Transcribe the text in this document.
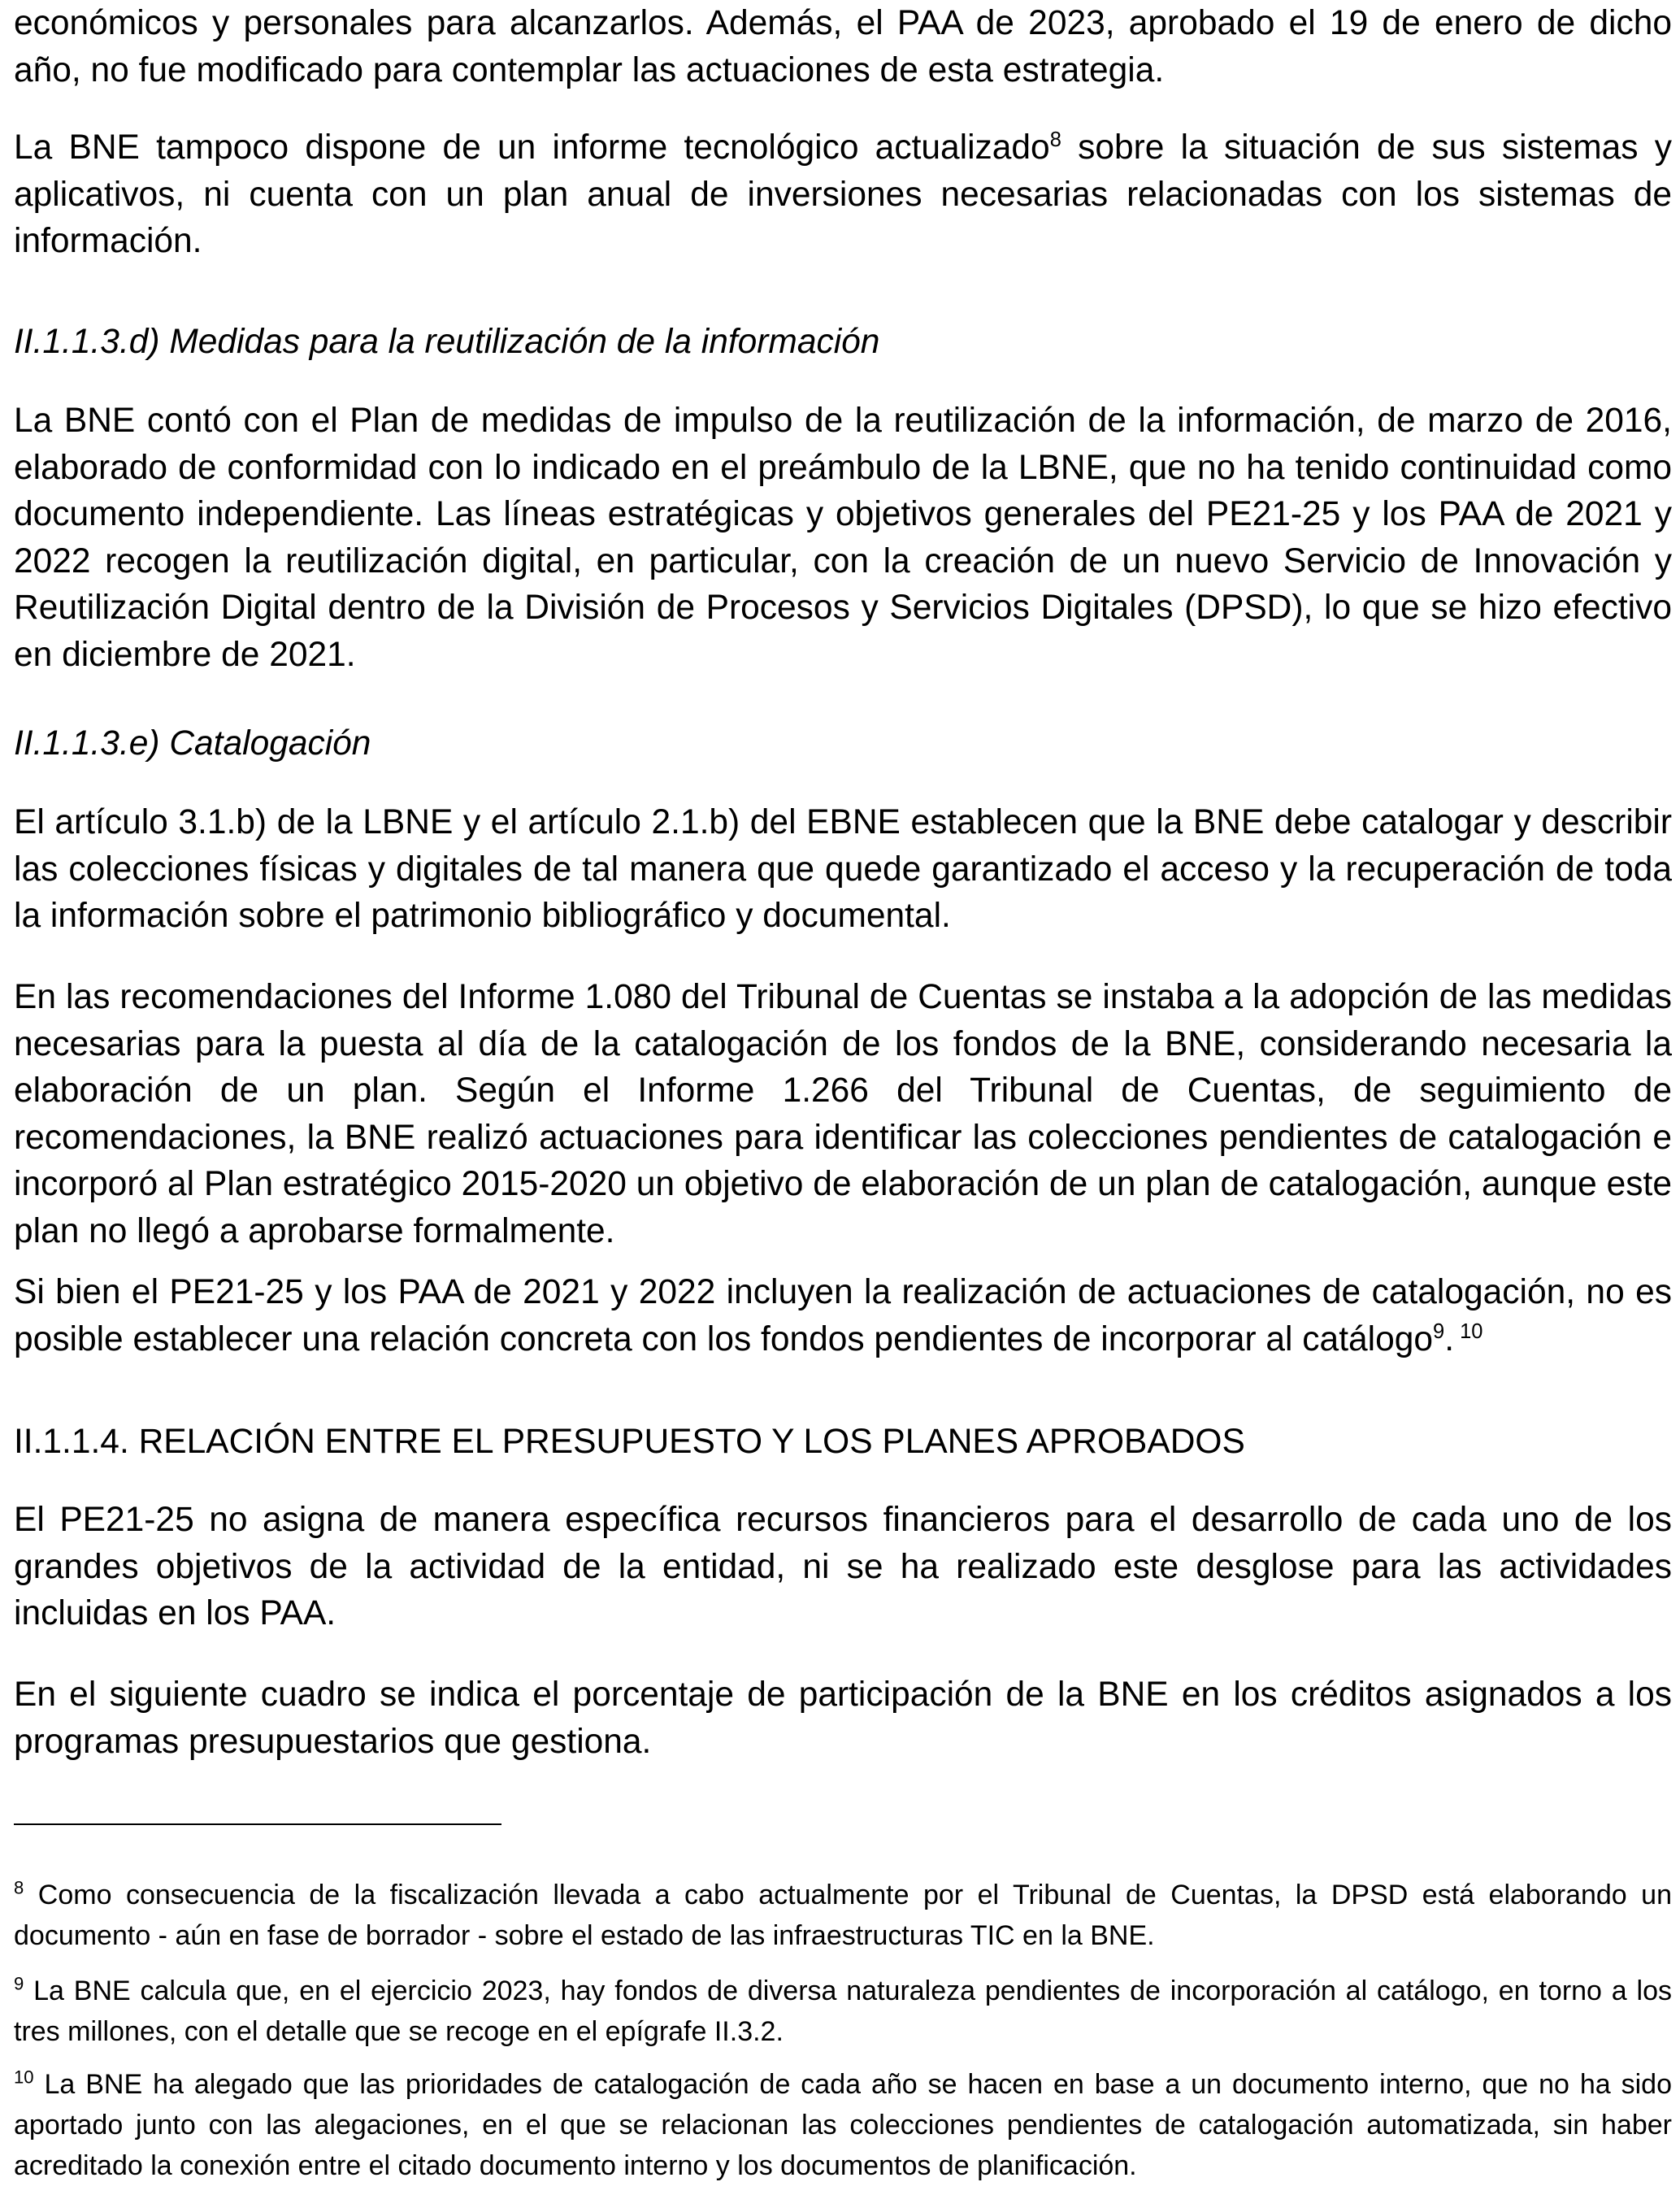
económicos y personales para alcanzarlos. Además, el PAA de 2023, aprobado el 19 de enero de dicho año, no fue modificado para contemplar las actuaciones de esta estrategia.

La BNE tampoco dispone de un informe tecnológico actualizado$^8$ sobre la situación de sus sistemas y aplicativos, ni cuenta con un plan anual de inversiones necesarias relacionadas con los sistemas de información.

II.1.1.3.d) Medidas para la reutilización de la información

La BNE contó con el Plan de medidas de impulso de la reutilización de la información, de marzo de 2016, elaborado de conformidad con lo indicado en el preámbulo de la LBNE, que no ha tenido continuidad como documento independiente. Las líneas estratégicas y objetivos generales del PE21-25 y los PAA de 2021 y 2022 recogen la reutilización digital, en particular, con la creación de un nuevo Servicio de Innovación y Reutilización Digital dentro de la División de Procesos y Servicios Digitales (DPSD), lo que se hizo efectivo en diciembre de 2021.

II.1.1.3.e) Catalogación

El artículo 3.1.b) de la LBNE y el artículo 2.1.b) del EBNE establecen que la BNE debe catalogar y describir las colecciones físicas y digitales de tal manera que quede garantizado el acceso y la recuperación de toda la información sobre el patrimonio bibliográfico y documental.

En las recomendaciones del Informe 1.080 del Tribunal de Cuentas se instaba a la adopción de las medidas necesarias para la puesta al día de la catalogación de los fondos de la BNE, considerando necesaria la elaboración de un plan. Según el Informe 1.266 del Tribunal de Cuentas, de seguimiento de recomendaciones, la BNE realizó actuaciones para identificar las colecciones pendientes de catalogación e incorporó al Plan estratégico 2015-2020 un objetivo de elaboración de un plan de catalogación, aunque este plan no llegó a aprobarse formalmente.

Si bien el PE21-25 y los PAA de 2021 y 2022 incluyen la realización de actuaciones de catalogación, no es posible establecer una relación concreta con los fondos pendientes de incorporar al catálogo$^9$. $^{10}$

II.1.1.4. RELACIÓN ENTRE EL PRESUPUESTO Y LOS PLANES APROBADOS

El PE21-25 no asigna de manera específica recursos financieros para el desarrollo de cada uno de los grandes objetivos de la actividad de la entidad, ni se ha realizado este desglose para las actividades incluidas en los PAA.

En el siguiente cuadro se indica el porcentaje de participación de la BNE en los créditos asignados a los programas presupuestarios que gestiona.

$^8$ Como consecuencia de la fiscalización llevada a cabo actualmente por el Tribunal de Cuentas, la DPSD está elaborando un documento - aún en fase de borrador - sobre el estado de las infraestructuras TIC en la BNE.

$^9$ La BNE calcula que, en el ejercicio 2023, hay fondos de diversa naturaleza pendientes de incorporación al catálogo, en torno a los tres millones, con el detalle que se recoge en el epígrafe II.3.2.

$^{10}$ La BNE ha alegado que las prioridades de catalogación de cada año se hacen en base a un documento interno, que no ha sido aportado junto con las alegaciones, en el que se relacionan las colecciones pendientes de catalogación automatizada, sin haber acreditado la conexión entre el citado documento interno y los documentos de planificación.
